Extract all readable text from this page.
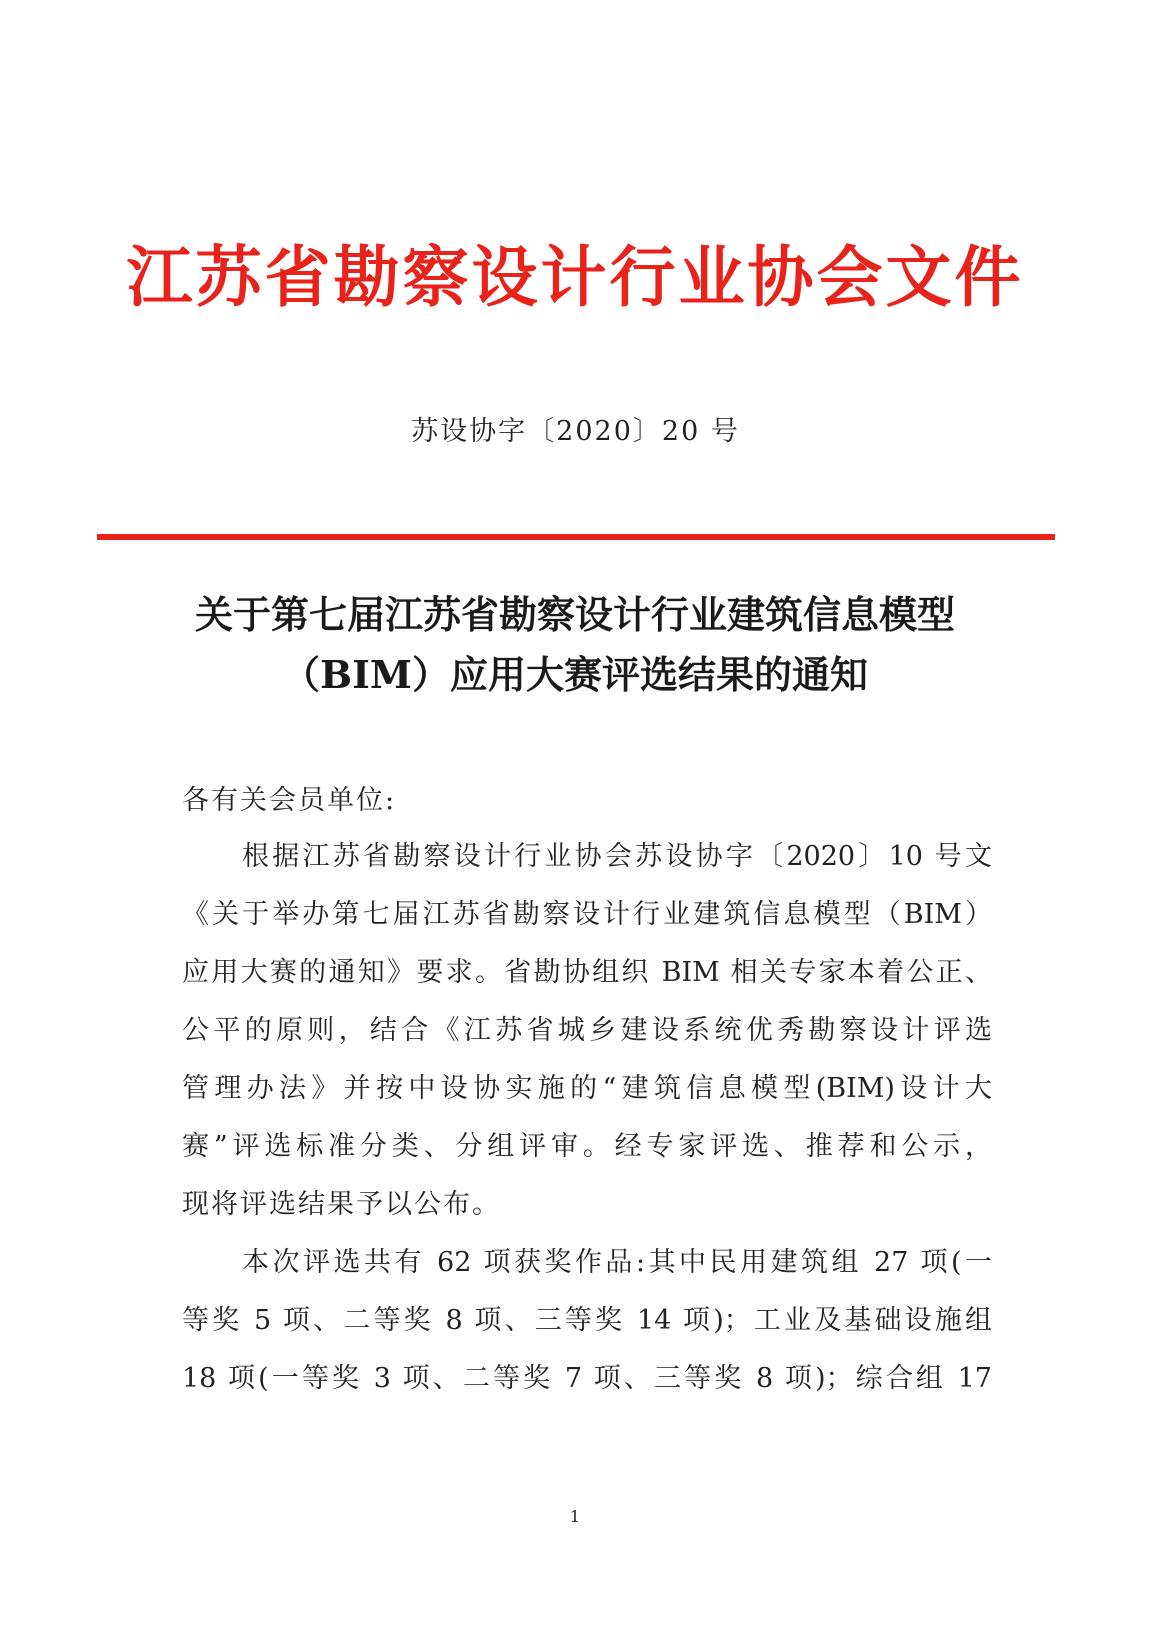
江苏省勘察设计行业协会文件
苏设协字〔2020〕20 号
关于第七届江苏省勘察设计行业建筑信息模型
（BIM）应用大赛评选结果的通知
各有关会员单位:
根据江苏省勘察设计行业协会苏设协字〔2020〕10 号文
《关于举办第七届江苏省勘察设计行业建筑信息模型（BIM）
应用大赛的通知》要求。省勘协组织 BIM 相关专家本着公正、
公平的原则，结合《江苏省城乡建设系统优秀勘察设计评选
管理办法》并按中设协实施的“建筑信息模型(BIM)设计大
赛”评选标准分类、分组评审。经专家评选、推荐和公示，
现将评选结果予以公布。
本次评选共有 62 项获奖作品:其中民用建筑组 27 项(一
等奖 5 项、二等奖 8 项、三等奖 14 项)；工业及基础设施组
18 项(一等奖 3 项、二等奖 7 项、三等奖 8 项)；综合组 17
1
